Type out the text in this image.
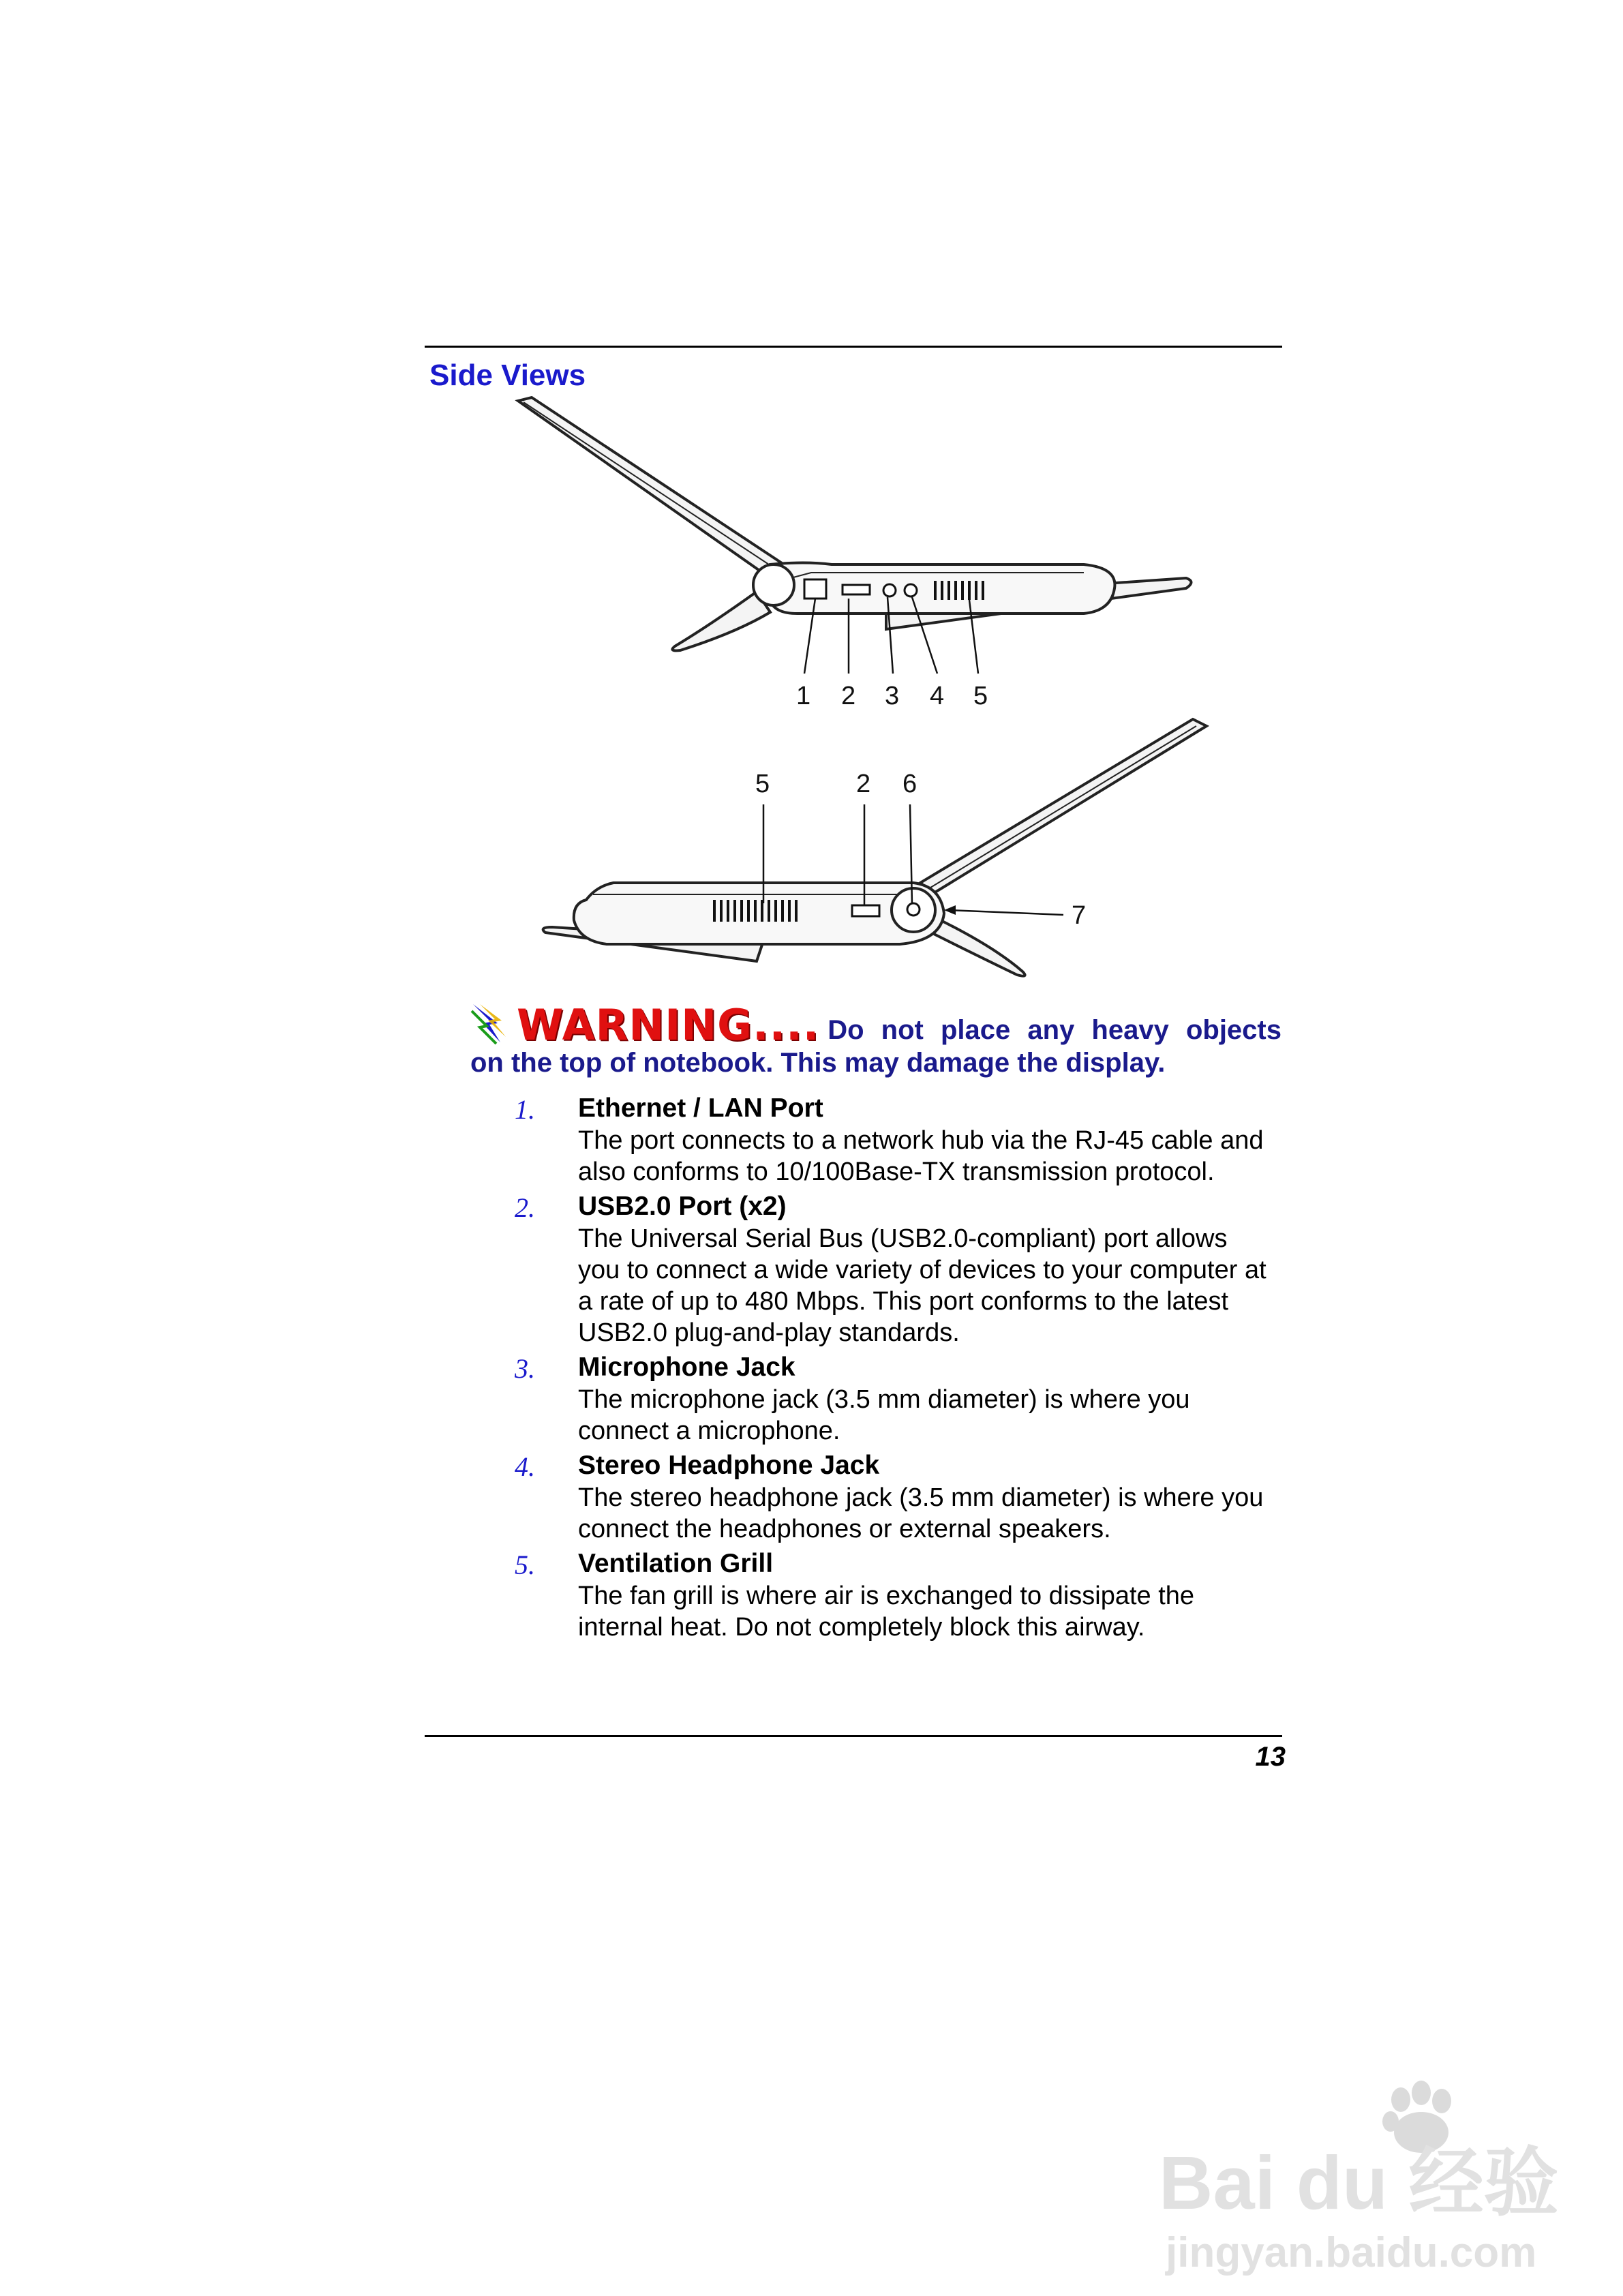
Side Views
1 2 3 4 5
5	2 6
7
WARNING.... Do not place any heavy objects
on the top of notebook. This may damage the display.
1. Ethernet / LAN Port
The port connects to a network hub via the RJ-45 cable and also conforms to 10/100Base-TX transmission protocol.
2. USB2.0 Port (x2)
The Universal Serial Bus (USB2.0-compliant) port allows you to connect a wide variety of devices to your computer at a rate of up to 480 Mbps. This port conforms to the latest USB2.0 plug-and-play standards.
3. Microphone Jack
The microphone jack (3.5 mm diameter) is where you connect a microphone.
4. Stereo Headphone Jack
The stereo headphone jack (3.5 mm diameter) is where you connect the headphones or external speakers.
5. Ventilation Grill
The fan grill is where air is exchanged to dissipate the internal heat. Do not completely block this airway.
13
Bai du 经验
jingyan.baidu.com
